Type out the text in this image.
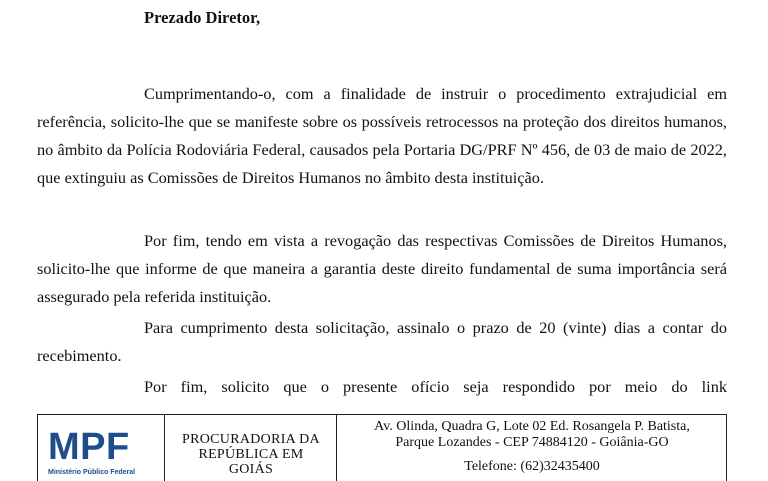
Prezado Diretor,

Cumprimentando-o, com a finalidade de instruir o procedimento extrajudicial em referência, solicito-lhe que se manifeste sobre os possíveis retrocessos na proteção dos direitos humanos, no âmbito da Polícia Rodoviária Federal, causados pela Portaria DG/PRF Nº 456, de 03 de maio de 2022, que extinguiu as Comissões de Direitos Humanos no âmbito desta instituição.

Por fim, tendo em vista a revogação das respectivas Comissões de Direitos Humanos, solicito-lhe que informe de que maneira a garantia deste direito fundamental de suma importância será assegurado pela referida instituição.

Para cumprimento desta solicitação, assinalo o prazo de 20 (vinte) dias a contar do recebimento.

Por fim, solicito que o presente ofício seja respondido por meio do link

MPF
Ministério Público Federal
PROCURADORIA DA
REPÚBLICA EM
GOIÁS
Av. Olinda, Quadra G, Lote 02 Ed. Rosangela P. Batista,
Parque Lozandes - CEP 74884120 - Goiânia-GO
Telefone: (62)32435400
